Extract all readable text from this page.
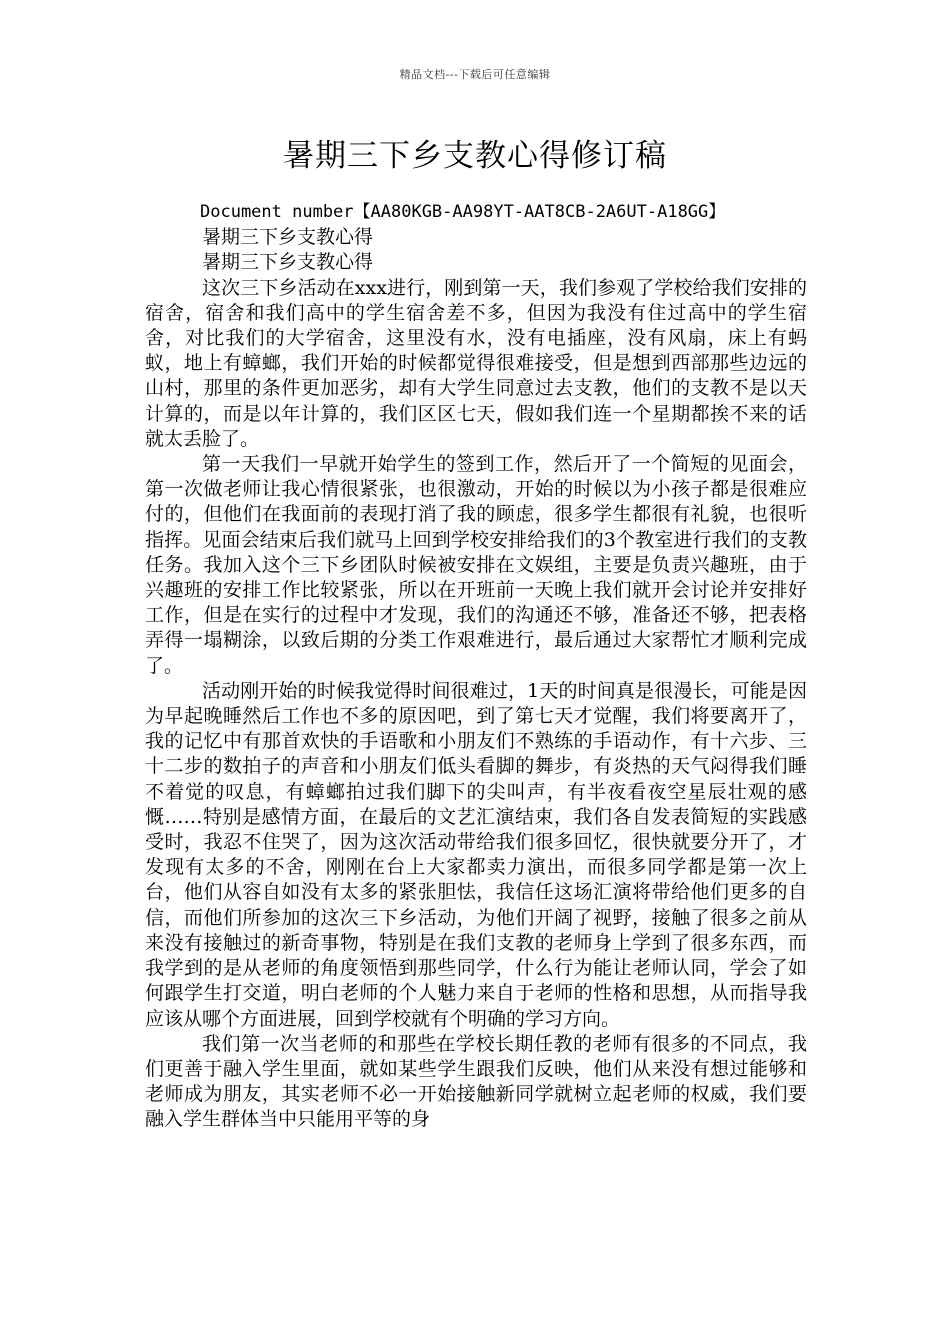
精品文档---下载后可任意编辑
暑期三下乡支教心得修订稿
Document number【AA80KGB-AA98YT-AAT8CB-2A6UT-A18GG】
暑期三下乡支教心得
暑期三下乡支教心得

这次三下乡活动在xxx进行，刚到第一天，我们参观了学校给我们安排的宿舍，宿舍和我们高中的学生宿舍差不多，但因为我没有住过高中的学生宿舍，对比我们的大学宿舍，这里没有水，没有电插座，没有风扇，床上有蚂蚁，地上有蟑螂，我们开始的时候都觉得很难接受，但是想到西部那些边远的山村，那里的条件更加恶劣，却有大学生同意过去支教，他们的支教不是以天计算的，而是以年计算的，我们区区七天，假如我们连一个星期都挨不来的话就太丢脸了。

第一天我们一早就开始学生的签到工作，然后开了一个简短的见面会，第一次做老师让我心情很紧张，也很激动，开始的时候以为小孩子都是很难应付的，但他们在我面前的表现打消了我的顾虑，很多学生都很有礼貌，也很听指挥。见面会结束后我们就马上回到学校安排给我们的3个教室进行我们的支教任务。我加入这个三下乡团队时候被安排在文娱组，主要是负责兴趣班，由于兴趣班的安排工作比较紧张，所以在开班前一天晚上我们就开会讨论并安排好工作，但是在实行的过程中才发现，我们的沟通还不够，准备还不够，把表格弄得一塌糊涂，以致后期的分类工作艰难进行，最后通过大家帮忙才顺利完成了。

活动刚开始的时候我觉得时间很难过，1天的时间真是很漫长，可能是因为早起晚睡然后工作也不多的原因吧，到了第七天才觉醒，我们将要离开了，我的记忆中有那首欢快的手语歌和小朋友们不熟练的手语动作，有十六步、三十二步的数拍子的声音和小朋友们低头看脚的舞步，有炎热的天气闷得我们睡不着觉的叹息，有蟑螂拍过我们脚下的尖叫声，有半夜看夜空星辰壮观的感慨……特别是感情方面，在最后的文艺汇演结束，我们各自发表简短的实践感受时，我忍不住哭了，因为这次活动带给我们很多回忆，很快就要分开了，才发现有太多的不舍，刚刚在台上大家都卖力演出，而很多同学都是第一次上台，他们从容自如没有太多的紧张胆怯，我信任这场汇演将带给他们更多的自信，而他们所参加的这次三下乡活动，为他们开阔了视野，接触了很多之前从来没有接触过的新奇事物，特别是在我们支教的老师身上学到了很多东西，而我学到的是从老师的角度领悟到那些同学，什么行为能让老师认同，学会了如何跟学生打交道，明白老师的个人魅力来自于老师的性格和思想，从而指导我应该从哪个方面进展，回到学校就有个明确的学习方向。

我们第一次当老师的和那些在学校长期任教的老师有很多的不同点，我们更善于融入学生里面，就如某些学生跟我们反映，他们从来没有想过能够和老师成为朋友，其实老师不必一开始接触新同学就树立起老师的权威，我们要融入学生群体当中只能用平等的身
